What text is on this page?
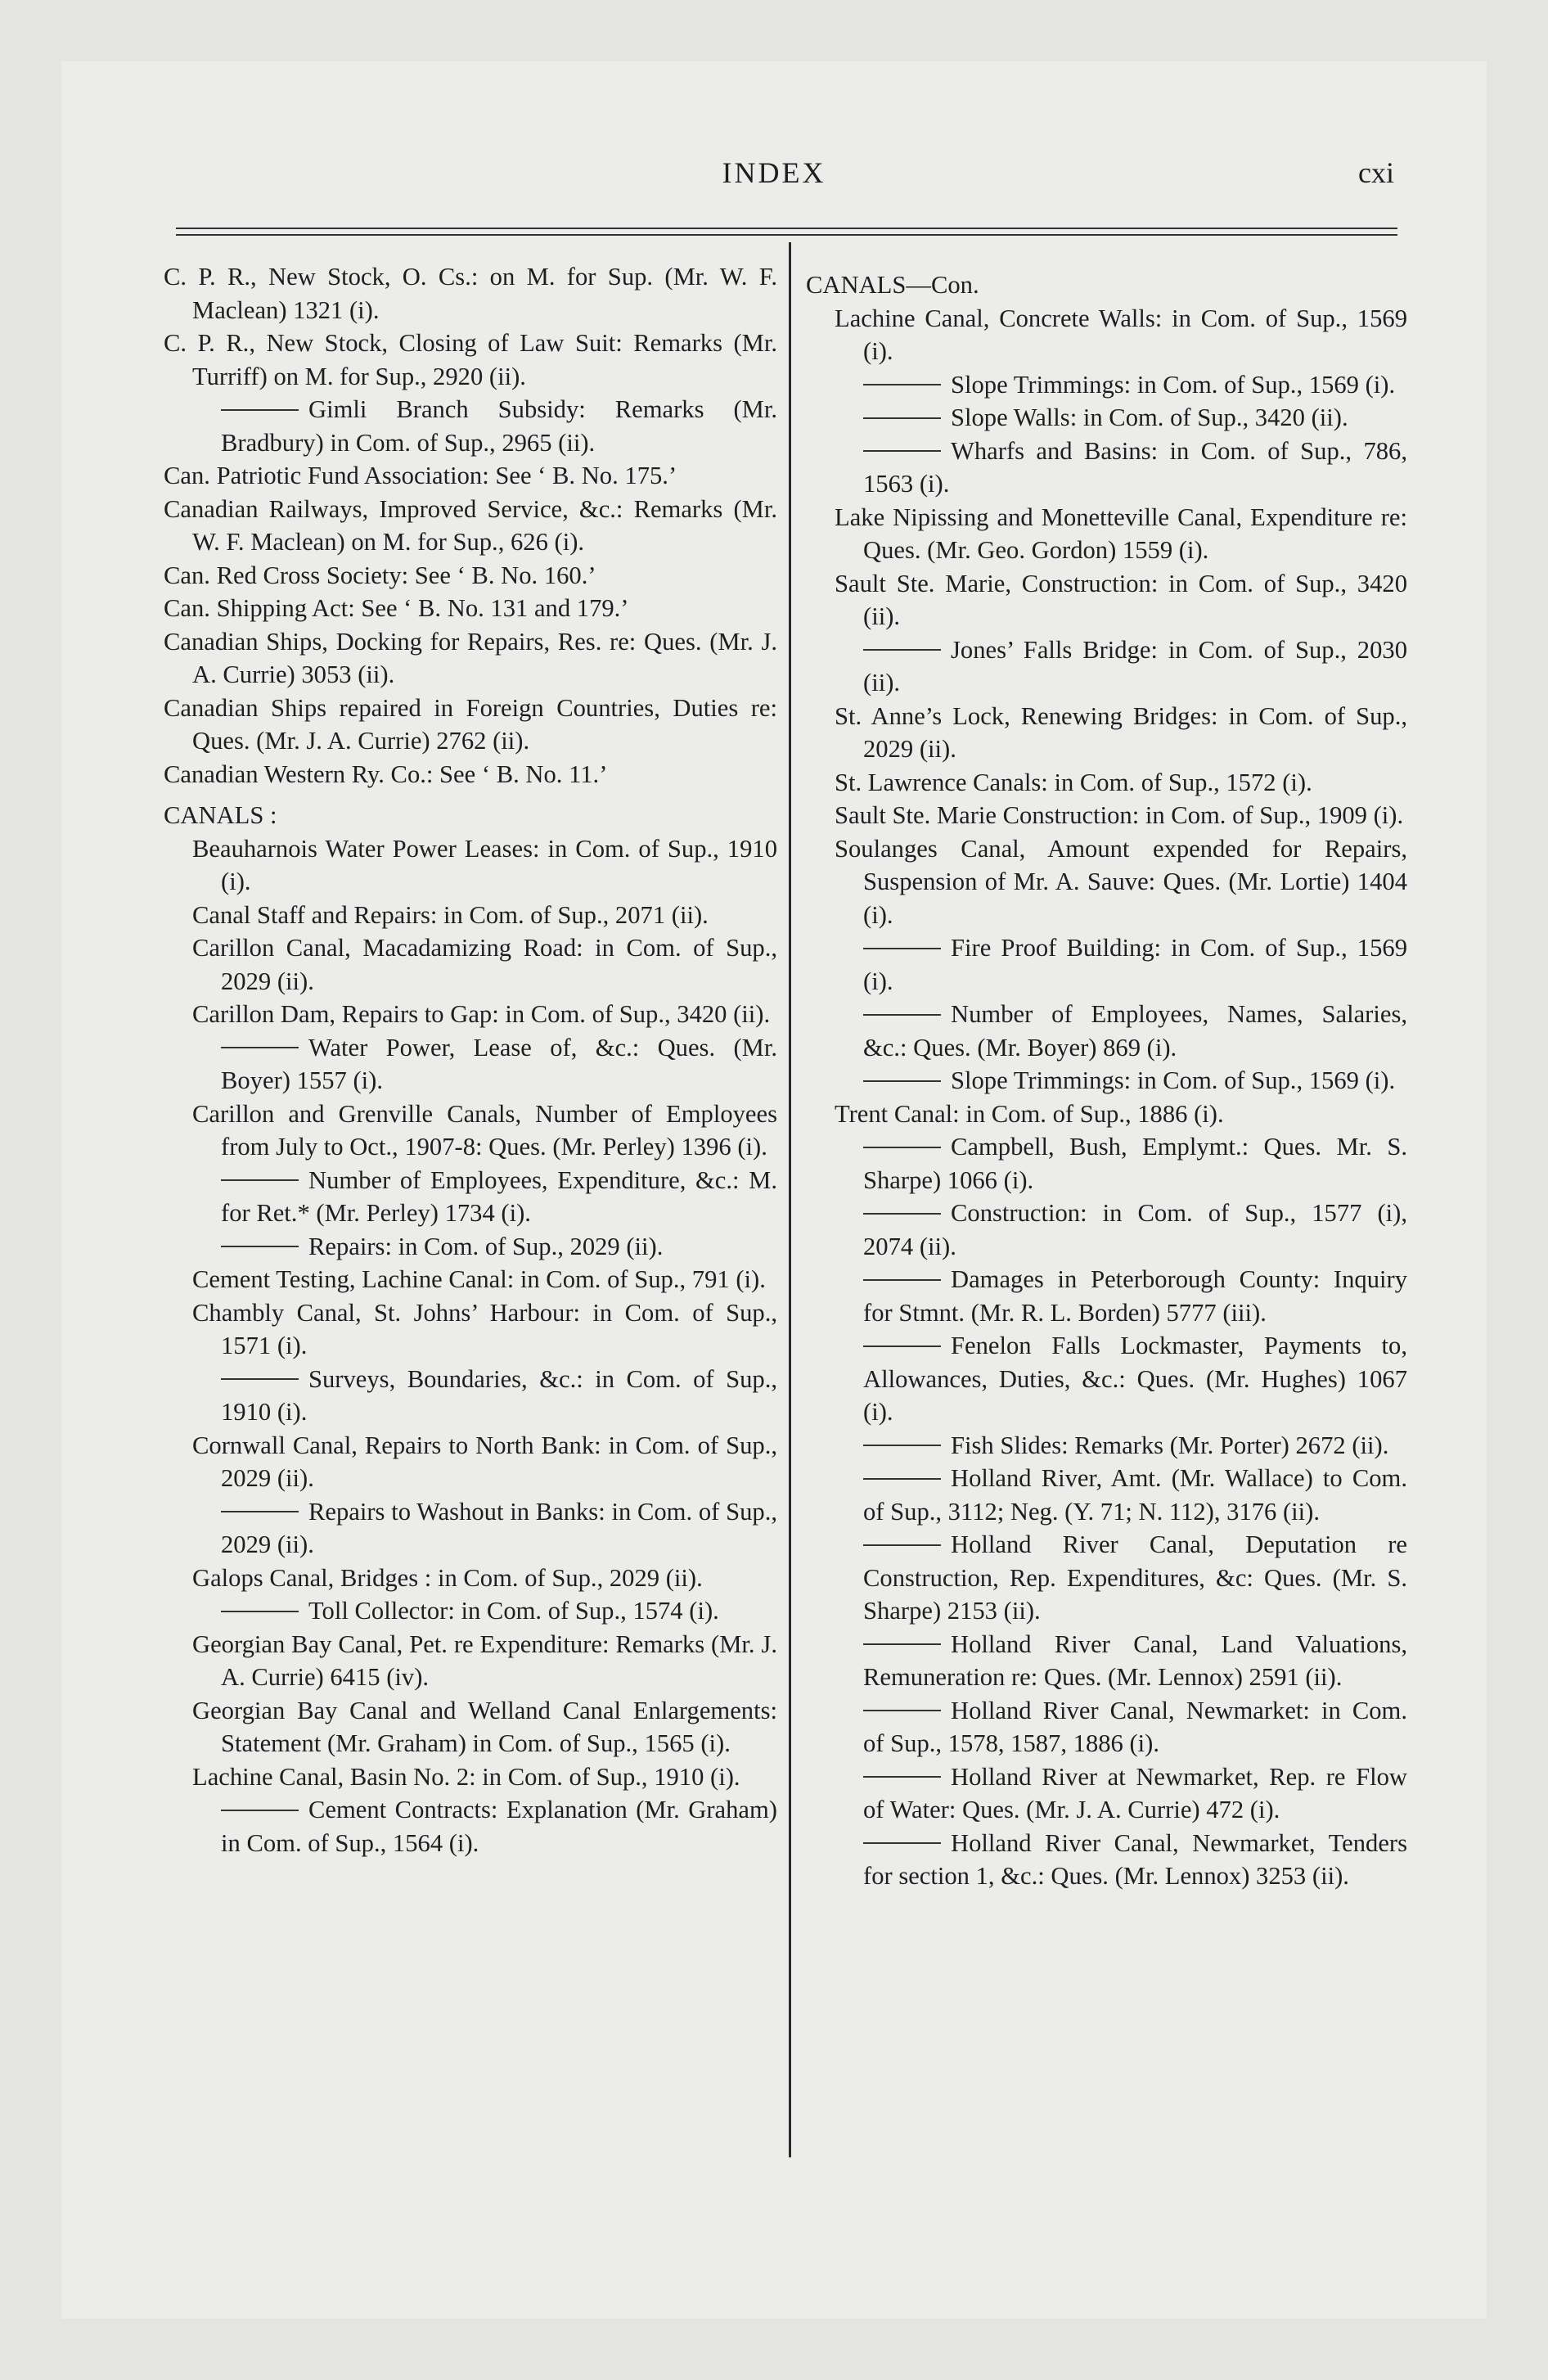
INDEX	cxi
C. P. R., New Stock, O. Cs.: on M. for Sup. (Mr. W. F. Maclean) 1321 (i).
C. P. R., New Stock, Closing of Law Suit: Remarks (Mr. Turriff) on M. for Sup., 2920 (ii).
Gimli Branch Subsidy: Remarks (Mr. Bradbury) in Com. of Sup., 2965 (ii).
Can. Patriotic Fund Association: See ‘ B. No. 175.’
Canadian Railways, Improved Service, &c.: Remarks (Mr. W. F. Maclean) on M. for Sup., 626 (i).
Can. Red Cross Society: See ‘ B. No. 160.’
Can. Shipping Act: See ‘ B. No. 131 and 179.’
Canadian Ships, Docking for Repairs, Res. re: Ques. (Mr. J. A. Currie) 3053 (ii).
Canadian Ships repaired in Foreign Countries, Duties re: Ques. (Mr. J. A. Currie) 2762 (ii).
Canadian Western Ry. Co.: See ‘ B. No. 11.’
CANALS :
Beauharnois Water Power Leases: in Com. of Sup., 1910 (i).
Canal Staff and Repairs: in Com. of Sup., 2071 (ii).
Carillon Canal, Macadamizing Road: in Com. of Sup., 2029 (ii).
Carillon Dam, Repairs to Gap: in Com. of Sup., 3420 (ii).
Water Power, Lease of, &c.: Ques. (Mr. Boyer) 1557 (i).
Carillon and Grenville Canals, Number of Employees from July to Oct., 1907-8: Ques. (Mr. Perley) 1396 (i).
Number of Employees, Expenditure, &c.: M. for Ret.* (Mr. Perley) 1734 (i).
Repairs: in Com. of Sup., 2029 (ii).
Cement Testing, Lachine Canal: in Com. of Sup., 791 (i).
Chambly Canal, St. Johns’ Harbour: in Com. of Sup., 1571 (i).
Surveys, Boundaries, &c.: in Com. of Sup., 1910 (i).
Cornwall Canal, Repairs to North Bank: in Com. of Sup., 2029 (ii).
Repairs to Washout in Banks: in Com. of Sup., 2029 (ii).
Galops Canal, Bridges : in Com. of Sup., 2029 (ii).
Toll Collector: in Com. of Sup., 1574 (i).
Georgian Bay Canal, Pet. re Expenditure: Remarks (Mr. J. A. Currie) 6415 (iv).
Georgian Bay Canal and Welland Canal Enlargements: Statement (Mr. Graham) in Com. of Sup., 1565 (i).
Lachine Canal, Basin No. 2: in Com. of Sup., 1910 (i).
Cement Contracts: Explanation (Mr. Graham) in Com. of Sup., 1564 (i).
CANALS—Con.
Lachine Canal, Concrete Walls: in Com. of Sup., 1569 (i).
Slope Trimmings: in Com. of Sup., 1569 (i).
Slope Walls: in Com. of Sup., 3420 (ii).
Wharfs and Basins: in Com. of Sup., 786, 1563 (i).
Lake Nipissing and Monetteville Canal, Expenditure re: Ques. (Mr. Geo. Gordon) 1559 (i).
Sault Ste. Marie, Construction: in Com. of Sup., 3420 (ii).
Jones’ Falls Bridge: in Com. of Sup., 2030 (ii).
St. Anne’s Lock, Renewing Bridges: in Com. of Sup., 2029 (ii).
St. Lawrence Canals: in Com. of Sup., 1572 (i).
Sault Ste. Marie Construction: in Com. of Sup., 1909 (i).
Soulanges Canal, Amount expended for Repairs, Suspension of Mr. A. Sauve: Ques. (Mr. Lortie) 1404 (i).
Fire Proof Building: in Com. of Sup., 1569 (i).
Number of Employees, Names, Salaries, &c.: Ques. (Mr. Boyer) 869 (i).
Slope Trimmings: in Com. of Sup., 1569 (i).
Trent Canal: in Com. of Sup., 1886 (i).
Campbell, Bush, Emplymt.: Ques. Mr. S. Sharpe) 1066 (i).
Construction: in Com. of Sup., 1577 (i), 2074 (ii).
Damages in Peterborough County: Inquiry for Stmnt. (Mr. R. L. Borden) 5777 (iii).
Fenelon Falls Lockmaster, Payments to, Allowances, Duties, &c.: Ques. (Mr. Hughes) 1067 (i).
Fish Slides: Remarks (Mr. Porter) 2672 (ii).
Holland River, Amt. (Mr. Wallace) to Com. of Sup., 3112; Neg. (Y. 71; N. 112), 3176 (ii).
Holland River Canal, Deputation re Construction, Rep. Expenditures, &c: Ques. (Mr. S. Sharpe) 2153 (ii).
Holland River Canal, Land Valuations, Remuneration re: Ques. (Mr. Lennox) 2591 (ii).
Holland River Canal, Newmarket: in Com. of Sup., 1578, 1587, 1886 (i).
Holland River at Newmarket, Rep. re Flow of Water: Ques. (Mr. J. A. Currie) 472 (i).
Holland River Canal, Newmarket, Tenders for section 1, &c.: Ques. (Mr. Lennox) 3253 (ii).
